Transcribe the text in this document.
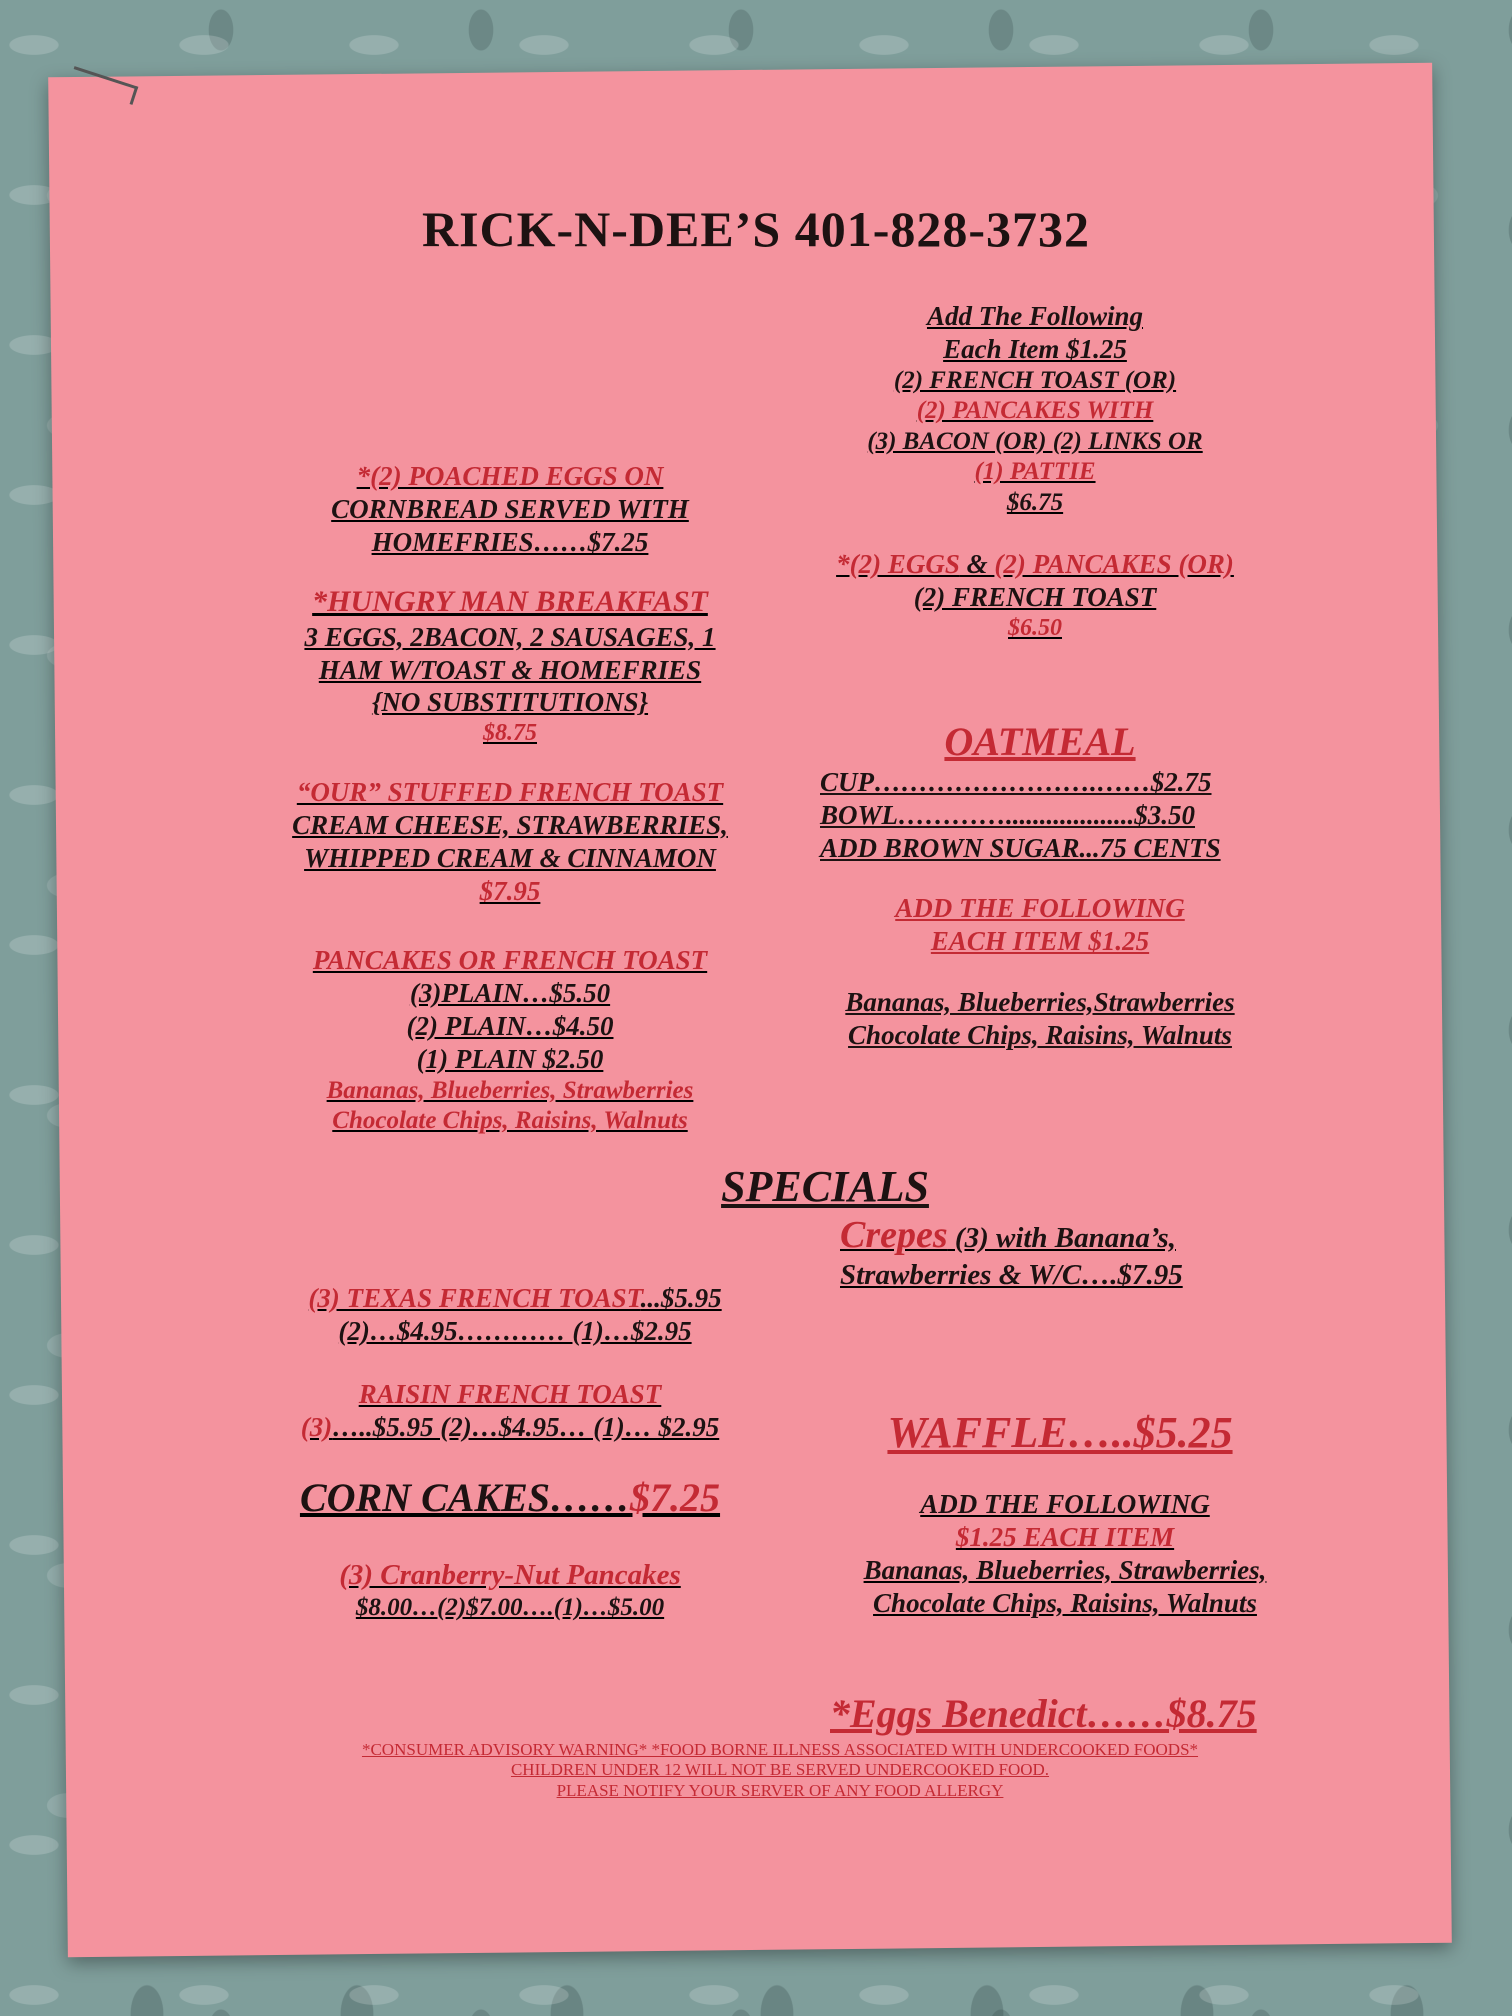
RICK-N-DEE’S 401-828-3732
*(2) POACHED EGGS ON
CORNBREAD SERVED WITH
HOMEFRIES……$7.25
*HUNGRY MAN BREAKFAST
3 EGGS, 2BACON, 2 SAUSAGES, 1
HAM W/TOAST & HOMEFRIES
{NO SUBSTITUTIONS}
$8.75
“OUR” STUFFED FRENCH TOAST
CREAM CHEESE, STRAWBERRIES,
WHIPPED CREAM & CINNAMON
$7.95
PANCAKES OR FRENCH TOAST
(3)PLAIN…$5.50
(2) PLAIN…$4.50
(1) PLAIN $2.50
Bananas, Blueberries, Strawberries
Chocolate Chips, Raisins, Walnuts
Add The Following
Each Item $1.25
(2) FRENCH TOAST (OR)
(2) PANCAKES WITH
(3) BACON (OR) (2) LINKS OR
(1) PATTIE
$6.75
*(2) EGGS & (2) PANCAKES (OR)
(2) FRENCH TOAST
$6.50
OATMEAL
CUP…………………….……$2.75
BOWL…………...................$3.50
ADD BROWN SUGAR...75 CENTS
ADD THE FOLLOWING
EACH ITEM $1.25
Bananas, Blueberries,Strawberries
Chocolate Chips, Raisins, Walnuts
SPECIALS
Crepes (3) with Banana’s,
Strawberries & W/C….$7.95
(3) TEXAS FRENCH TOAST...$5.95
(2)…$4.95………… (1)…$2.95
RAISIN FRENCH TOAST
(3)…..$5.95 (2)…$4.95… (1)… $2.95
CORN CAKES……$7.25
(3) Cranberry-Nut Pancakes
$8.00…(2)$7.00….(1)…$5.00
WAFFLE…..$5.25
ADD THE FOLLOWING
$1.25 EACH ITEM
Bananas, Blueberries, Strawberries,
Chocolate Chips, Raisins, Walnuts
*Eggs Benedict……$8.75
*CONSUMER ADVISORY WARNING* *FOOD BORNE ILLNESS ASSOCIATED WITH UNDERCOOKED FOODS*
CHILDREN UNDER 12 WILL NOT BE SERVED UNDERCOOKED FOOD.
PLEASE NOTIFY YOUR SERVER OF ANY FOOD ALLERGY
